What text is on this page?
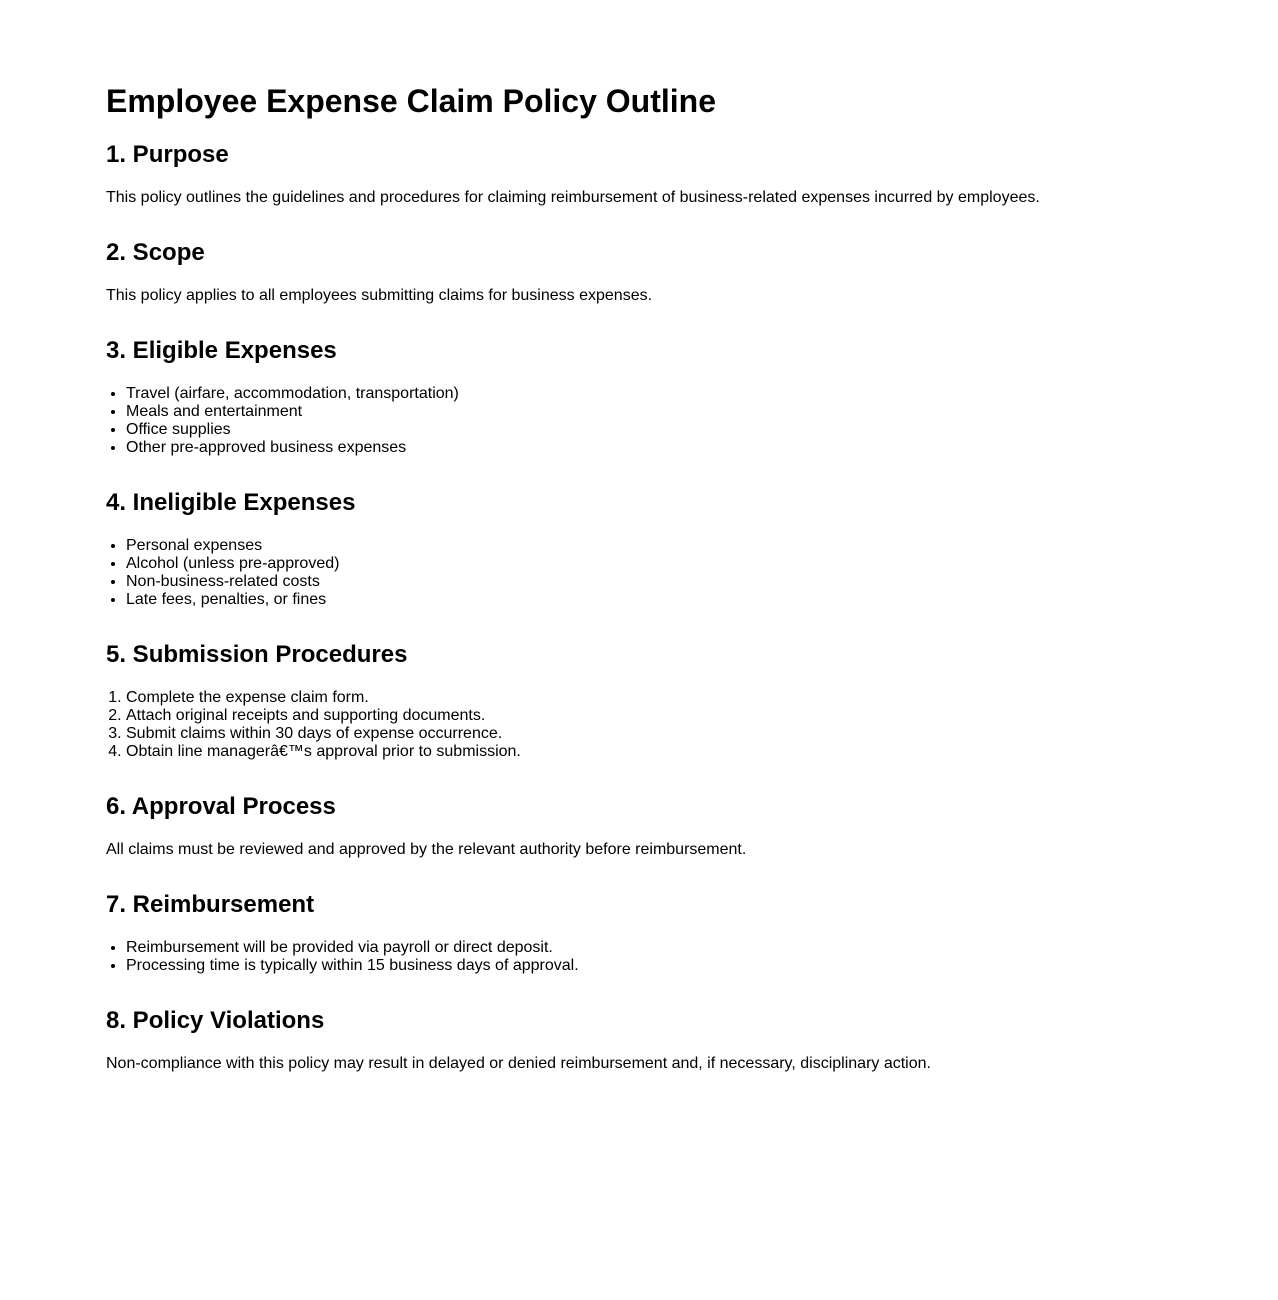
Employee Expense Claim Policy Outline
1. Purpose

This policy outlines the guidelines and procedures for claiming reimbursement of business-related expenses incurred by employees.

2. Scope

This policy applies to all employees submitting claims for business expenses.

3. Eligible Expenses
• Travel (airfare, accommodation, transportation)
• Meals and entertainment
• Office supplies
• Other pre-approved business expenses
4. Ineligible Expenses
• Personal expenses
• Alcohol (unless pre-approved)
• Non-business-related costs
• Late fees, penalties, or fines
5. Submission Procedures
1. Complete the expense claim form.
2. Attach original receipts and supporting documents.
3. Submit claims within 30 days of expense occurrence.
4. Obtain line managerâ€™s approval prior to submission.
6. Approval Process

All claims must be reviewed and approved by the relevant authority before reimbursement.

7. Reimbursement
• Reimbursement will be provided via payroll or direct deposit.
• Processing time is typically within 15 business days of approval.
8. Policy Violations

Non-compliance with this policy may result in delayed or denied reimbursement and, if necessary, disciplinary action.
